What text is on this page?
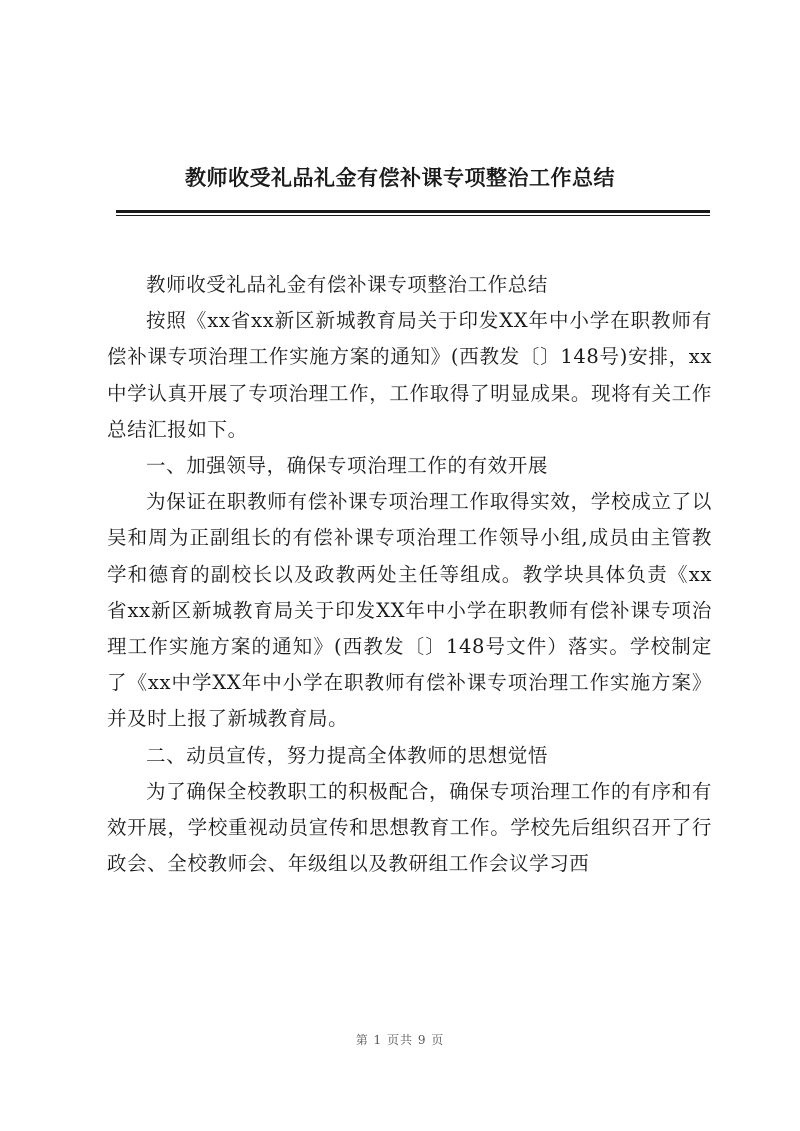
教师收受礼品礼金有偿补课专项整治工作总结

教师收受礼品礼金有偿补课专项整治工作总结

按照《xx省xx新区新城教育局关于印发XX年中小学在职教师有偿补课专项治理工作实施方案的通知》(西教发〔〕148号)安排，xx中学认真开展了专项治理工作，工作取得了明显成果。现将有关工作总结汇报如下。

一、加强领导，确保专项治理工作的有效开展

为保证在职教师有偿补课专项治理工作取得实效，学校成立了以吴和周为正副组长的有偿补课专项治理工作领导小组,成员由主管教学和德育的副校长以及政教两处主任等组成。教学块具体负责《xx省xx新区新城教育局关于印发XX年中小学在职教师有偿补课专项治理工作实施方案的通知》(西教发〔〕148号文件）落实。学校制定了《xx中学XX年中小学在职教师有偿补课专项治理工作实施方案》并及时上报了新城教育局。

二、动员宣传，努力提高全体教师的思想觉悟

为了确保全校教职工的积极配合，确保专项治理工作的有序和有效开展，学校重视动员宣传和思想教育工作。学校先后组织召开了行政会、全校教师会、年级组以及教研组工作会议学习西

第 1 页共 9 页
